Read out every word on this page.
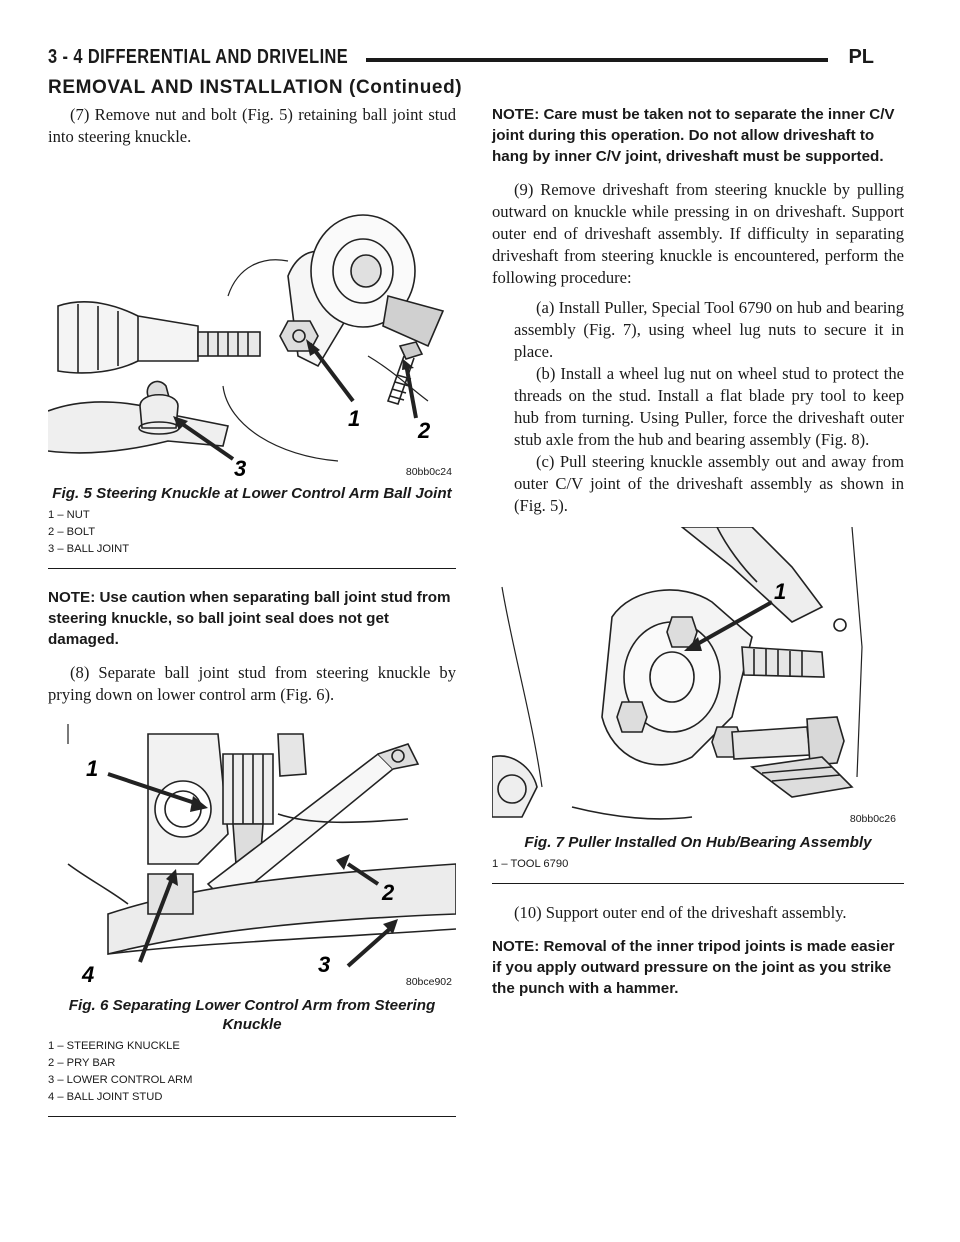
3 - 4 DIFFERENTIAL AND DRIVELINE	PL
REMOVAL AND INSTALLATION (Continued)

(7) Remove nut and bolt (Fig. 5) retaining ball joint stud into steering knuckle.

1	2
3	80bb0c24
Fig. 5 Steering Knuckle at Lower Control Arm Ball Joint

1 – NUT

2 – BOLT

3 – BALL JOINT

NOTE: Use caution when separating ball joint stud from steering knuckle, so ball joint seal does not get damaged.

(8) Separate ball joint stud from steering knuckle by prying down on lower control arm (Fig. 6).

1
2
3
4	80bce902
Fig. 6 Separating Lower Control Arm from Steering Knuckle

1 – STEERING KNUCKLE

2 – PRY BAR

3 – LOWER CONTROL ARM

4 – BALL JOINT STUD

NOTE: Care must be taken not to separate the inner C/V joint during this operation. Do not allow driveshaft to hang by inner C/V joint, driveshaft must be supported.

(9) Remove driveshaft from steering knuckle by pulling outward on knuckle while pressing in on driveshaft. Support outer end of driveshaft assembly. If difficulty in separating driveshaft from steering knuckle is encountered, perform the following procedure:

(a) Install Puller, Special Tool 6790 on hub and bearing assembly (Fig. 7), using wheel lug nuts to secure it in place.

(b) Install a wheel lug nut on wheel stud to protect the threads on the stud. Install a flat blade pry tool to keep hub from turning. Using Puller, force the driveshaft outer stub axle from the hub and bearing assembly (Fig. 8).

(c) Pull steering knuckle assembly out and away from outer C/V joint of the driveshaft assembly as shown in (Fig. 5).

1
80bb0c26
Fig. 7 Puller Installed On Hub/Bearing Assembly

1 – TOOL 6790

(10) Support outer end of the driveshaft assembly.

NOTE: Removal of the inner tripod joints is made easier if you apply outward pressure on the joint as you strike the punch with a hammer.
